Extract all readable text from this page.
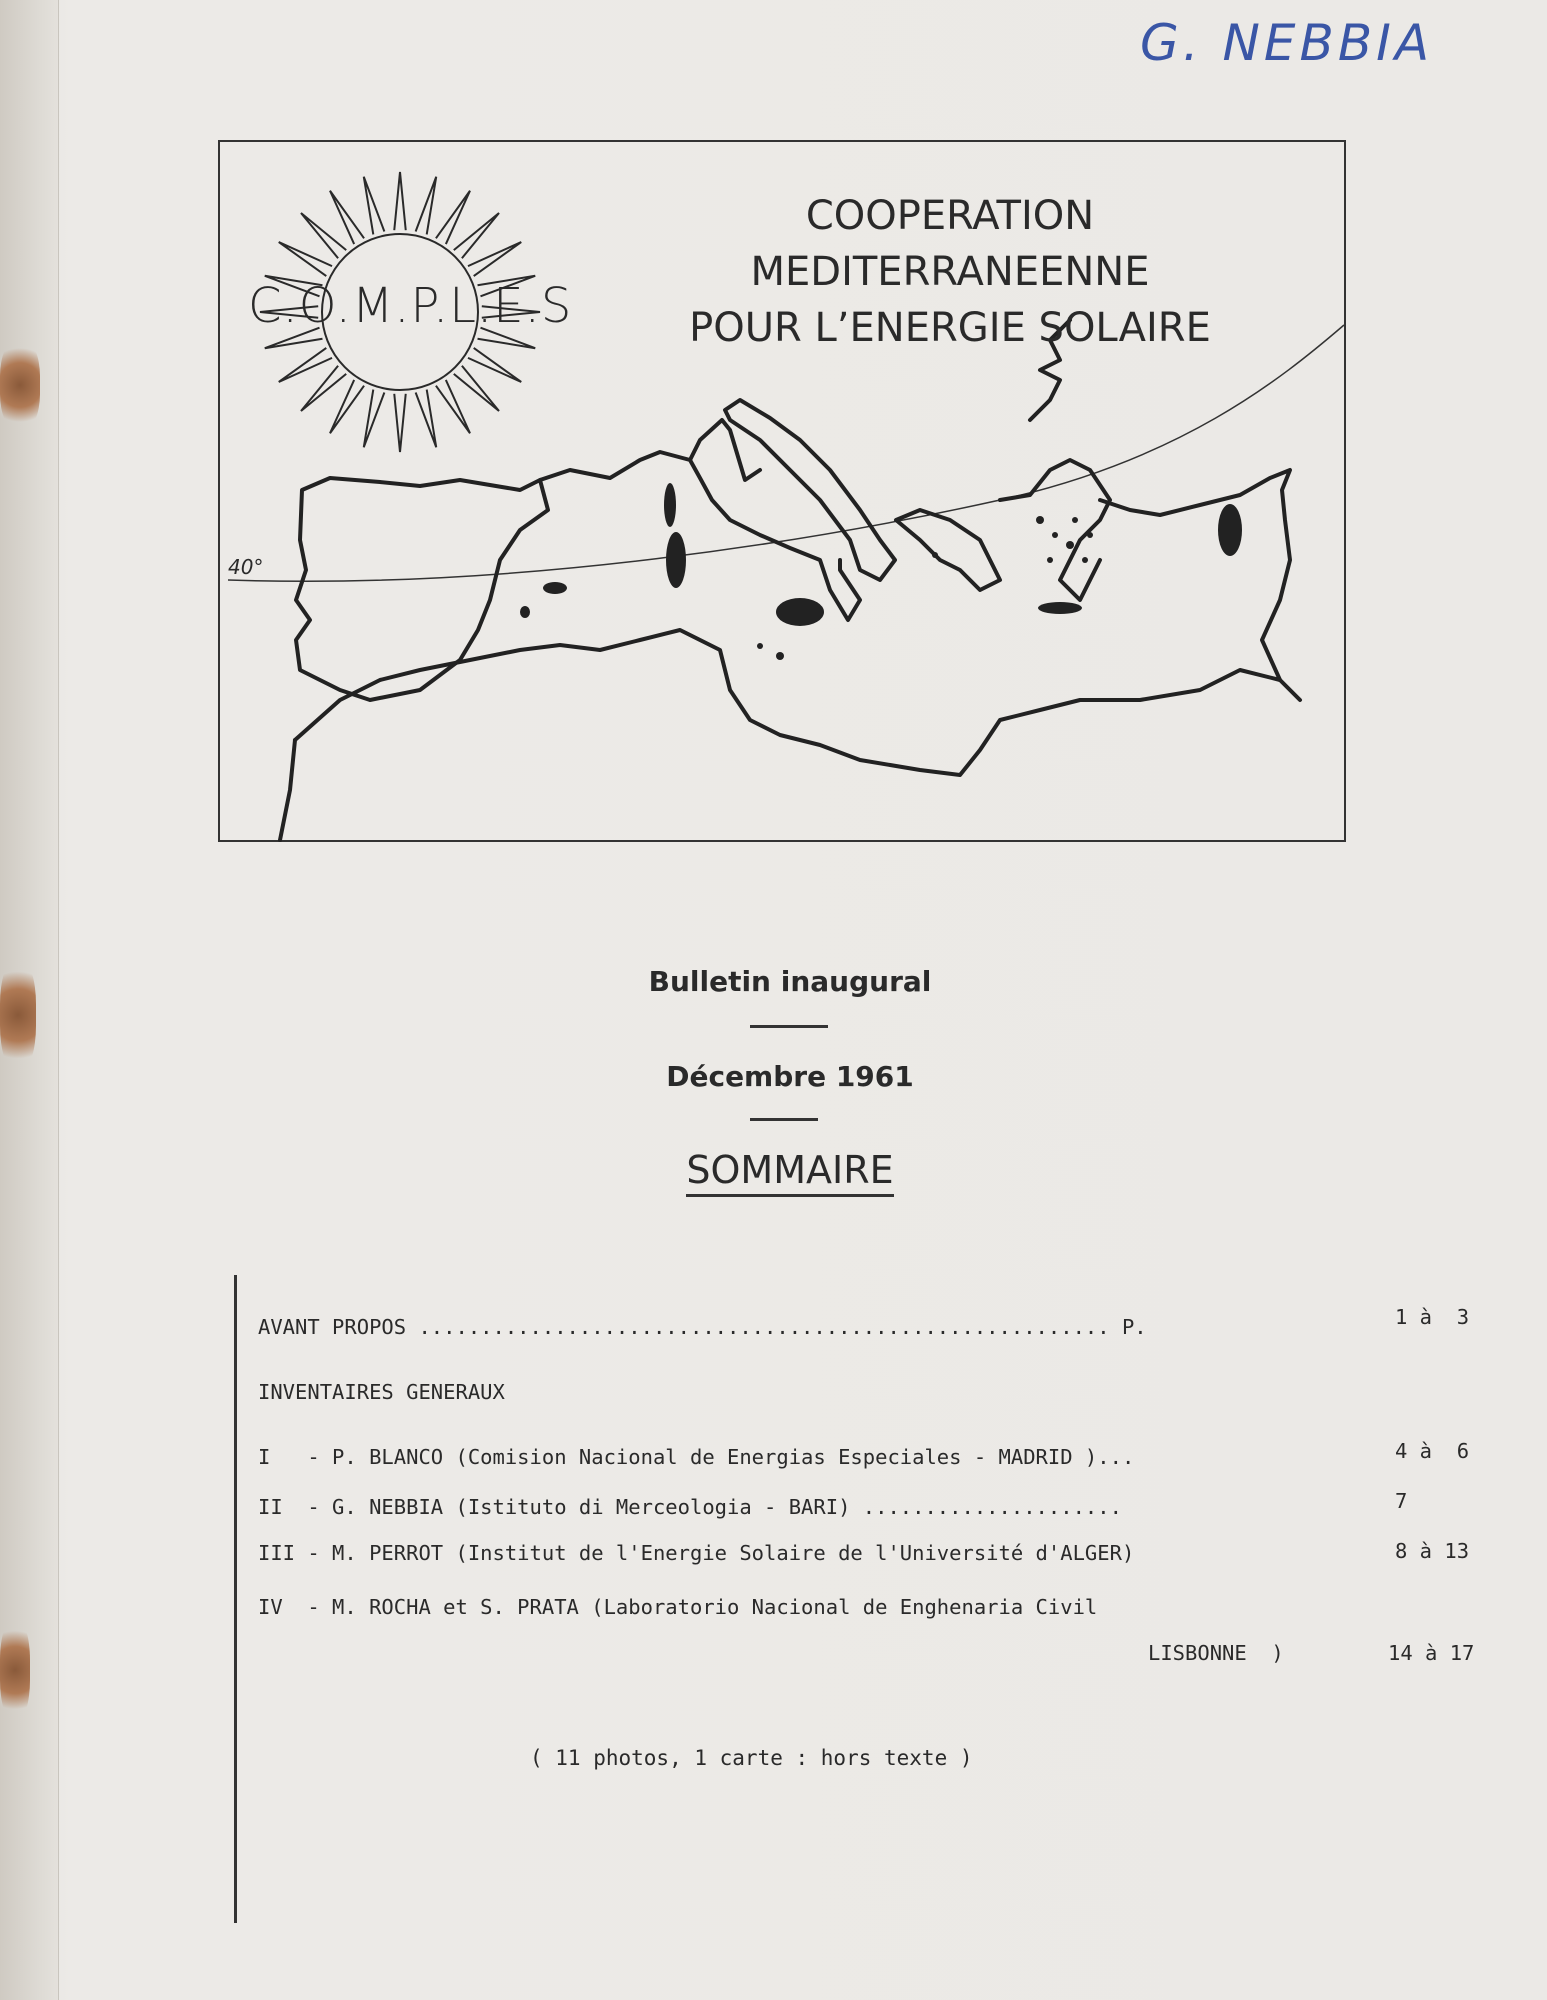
G. NEBBIA
C.O.M.P.L.E.S
COOPERATION
MEDITERRANEENNE
POUR L’ENERGIE SOLAIRE
40°
Bulletin inaugural
Décembre 1961
SOMMAIRE
AVANT PROPOS ........................................................ P.	1 à  3
INVENTAIRES GENERAUX
I   - P. BLANCO (Comision Nacional de Energias Especiales - MADRID )...	4 à  6
II  - G. NEBBIA (Istituto di Merceologia - BARI) .....................	7
III - M. PERROT (Institut de l'Energie Solaire de l'Université d'ALGER)	8 à 13
IV  - M. ROCHA et S. PRATA (Laboratorio Nacional de Enghenaria Civil
LISBONNE  )	14 à 17
( 11 photos, 1 carte : hors texte )
